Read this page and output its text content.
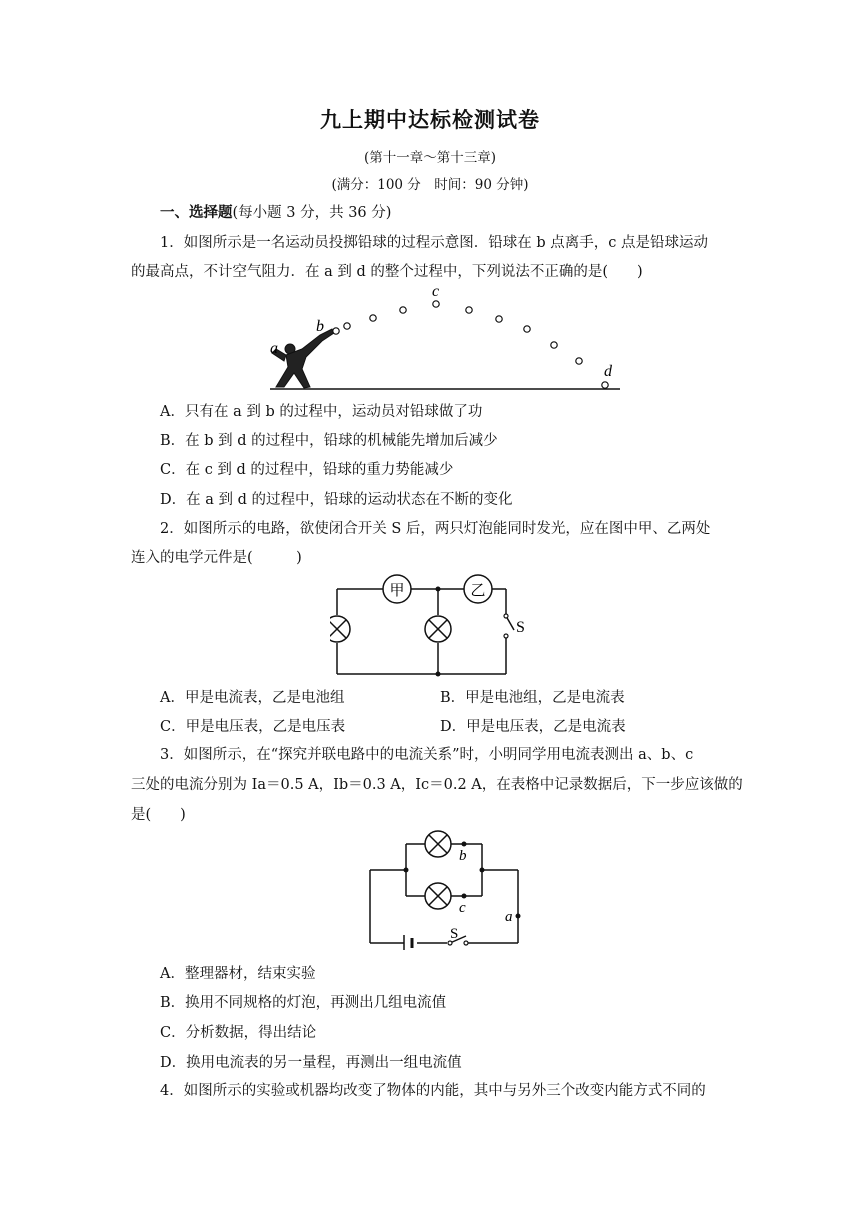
九上期中达标检测试卷
(第十一章～第十三章)
(满分：100 分　时间：90 分钟)
一、选择题(每小题 3 分，共 36 分)
1．如图所示是一名运动员投掷铅球的过程示意图．铅球在 b 点离手，c 点是铅球运动
的最高点，不计空气阻力．在 a 到 d 的整个过程中，下列说法不正确的是(　　)
a
b
c
d
A．只有在 a 到 b 的过程中，运动员对铅球做了功
B．在 b 到 d 的过程中，铅球的机械能先增加后减少
C．在 c 到 d 的过程中，铅球的重力势能减少
D．在 a 到 d 的过程中，铅球的运动状态在不断的变化
2．如图所示的电路，欲使闭合开关 S 后，两只灯泡能同时发光，应在图中甲、乙两处
连入的电学元件是(　　　)
甲	乙
S
A．甲是电流表，乙是电池组	B．甲是电池组，乙是电流表
C．甲是电压表，乙是电压表	D．甲是电压表，乙是电流表
3．如图所示，在“探究并联电路中的电流关系”时，小明同学用电流表测出 a、b、c
三处的电流分别为 Ia＝0.5 A，Ib＝0.3 A，Ic＝0.2 A，在表格中记录数据后，下一步应该做的
是(　　)
b
c
a
S
A．整理器材，结束实验
B．换用不同规格的灯泡，再测出几组电流值
C．分析数据，得出结论
D．换用电流表的另一量程，再测出一组电流值
4．如图所示的实验或机器均改变了物体的内能，其中与另外三个改变内能方式不同的
